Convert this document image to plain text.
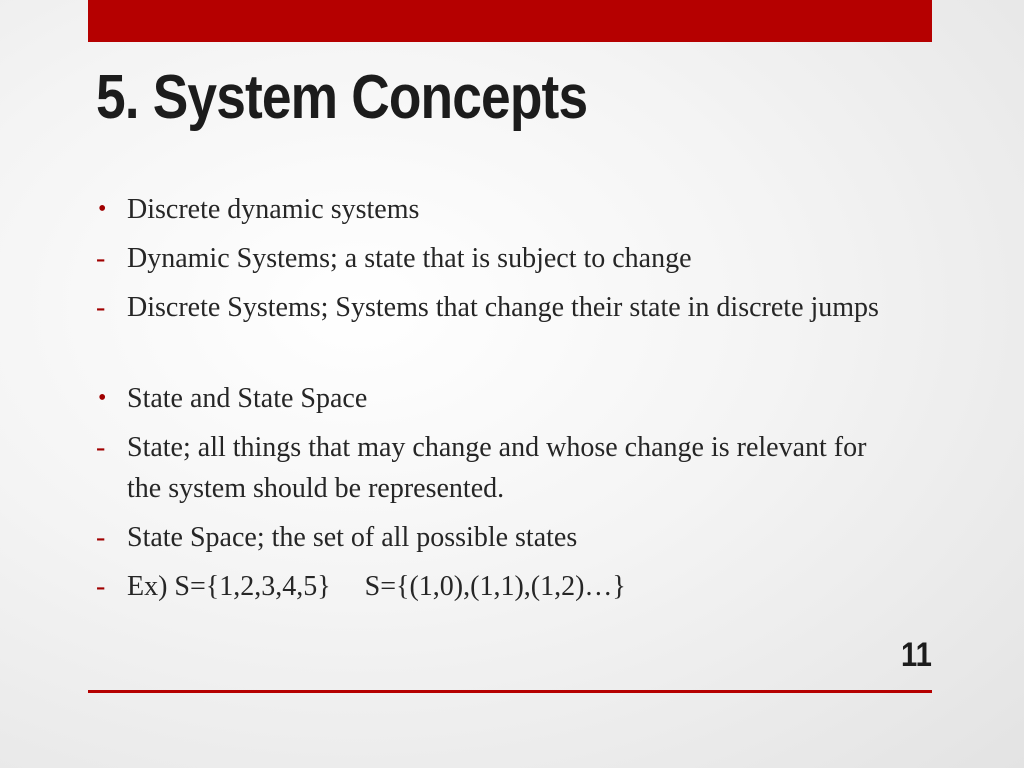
5. System Concepts
• Discrete dynamic systems
- Dynamic Systems; a state that is subject to change
- Discrete Systems; Systems that change their state in discrete jumps
• State and State Space
- State; all things that may change and whose change is relevant for the system should be represented.
- State Space; the set of all possible states
- Ex) S={1,2,3,4,5} S={(1,0),(1,1),(1,2)…}
11
